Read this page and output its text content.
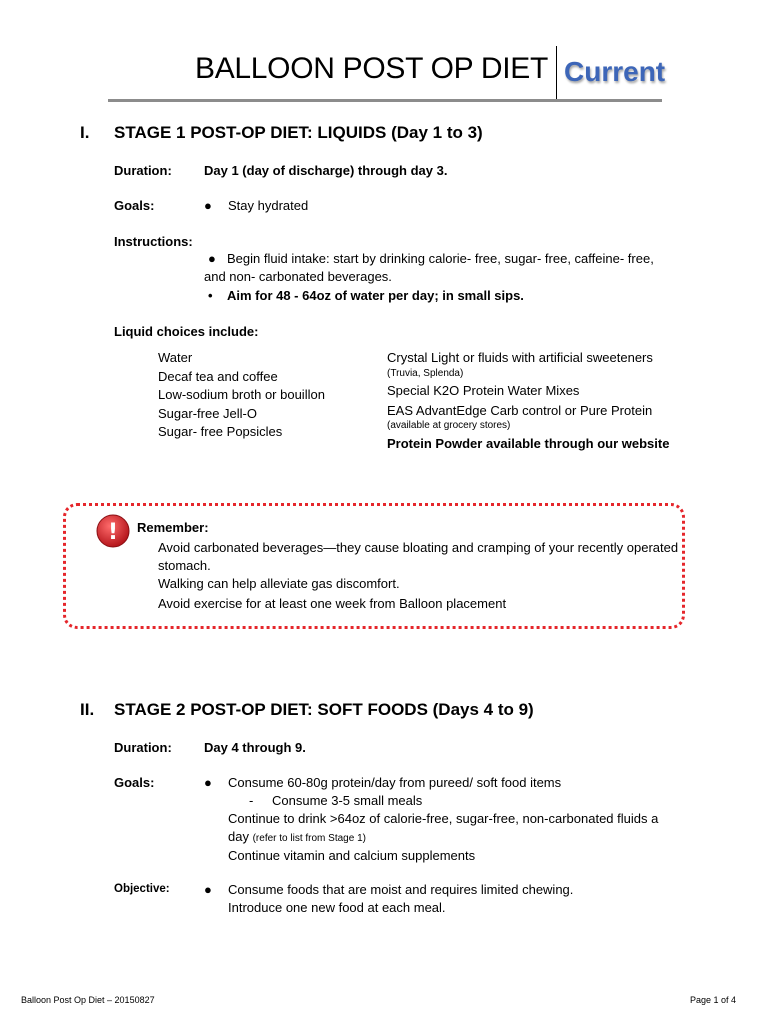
BALLOON POST OP DIET Current
I. STAGE 1 POST-OP DIET: LIQUIDS (Day 1 to 3)
Duration: Day 1 (day of discharge) through day 3.
Goals:	● Stay hydrated
Instructions:
● Begin fluid intake: start by drinking calorie- free, sugar- free, caffeine- free,
and non- carbonated beverages.
• Aim for 48 - 64oz of water per day; in small sips.
Liquid choices include:
Water
Decaf tea and coffee
Low-sodium broth or bouillon
Sugar-free Jell-O
Sugar- free Popsicles
Crystal Light or fluids with artificial sweeteners
(Truvia, Splenda)
Special K2O Protein Water Mixes
EAS AdvantEdge Carb control or Pure Protein
(available at grocery stores)
Protein Powder available through our website
! Remember:
Avoid carbonated beverages—they cause bloating and cramping of your recently operated
stomach.
Walking can help alleviate gas discomfort.
Avoid exercise for at least one week from Balloon placement
II. STAGE 2 POST-OP DIET: SOFT FOODS (Days 4 to 9)
Duration: Day 4 through 9.
Goals:	● Consume 60-80g protein/day from pureed/ soft food items
- Consume 3-5 small meals
Continue to drink >64oz of calorie-free, sugar-free, non-carbonated fluids a
day (refer to list from Stage 1)
Continue vitamin and calcium supplements
Objective:	● Consume foods that are moist and requires limited chewing.
Introduce one new food at each meal.
Balloon Post Op Diet – 20150827	Page 1 of 4
